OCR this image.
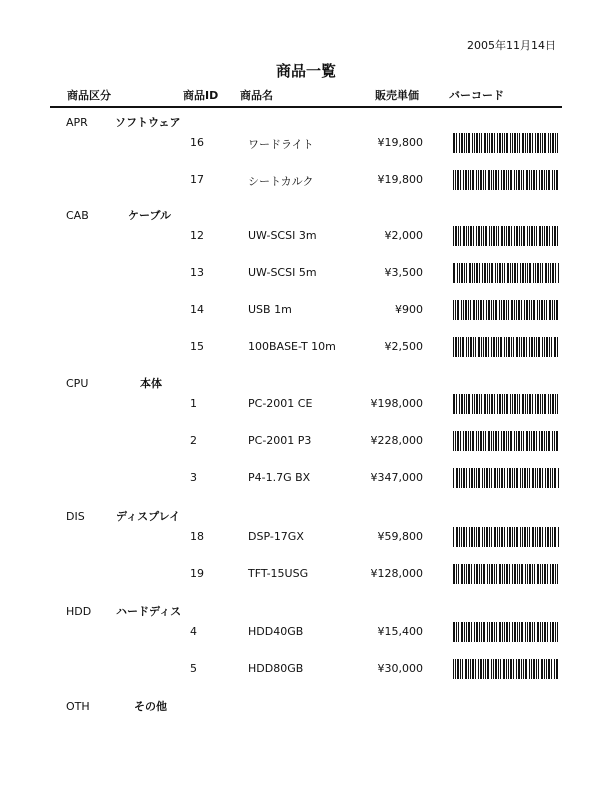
2005年11月14日
商品一覧
商品区分	商品ID 商品名	販売単価	バーコード
APR ソフトウェア
16	ワードライト	¥19,800
17	シートカルク	¥19,800
CAB	ケーブル
12	UW-SCSI 3m	¥2,000
13	UW-SCSI 5m	¥3,500
14	USB 1m	¥900
15	100BASE-T 10m	¥2,500
CPU	本体
1	PC-2001 CE	¥198,000
2	PC-2001 P3	¥228,000
3	P4-1.7G BX	¥347,000
DIS	ディスプレイ
18	DSP-17GX	¥59,800
19	TFT-15USG	¥128,000
HDD ハードディス
4	HDD40GB	¥15,400
5	HDD80GB	¥30,000
OTH	その他
